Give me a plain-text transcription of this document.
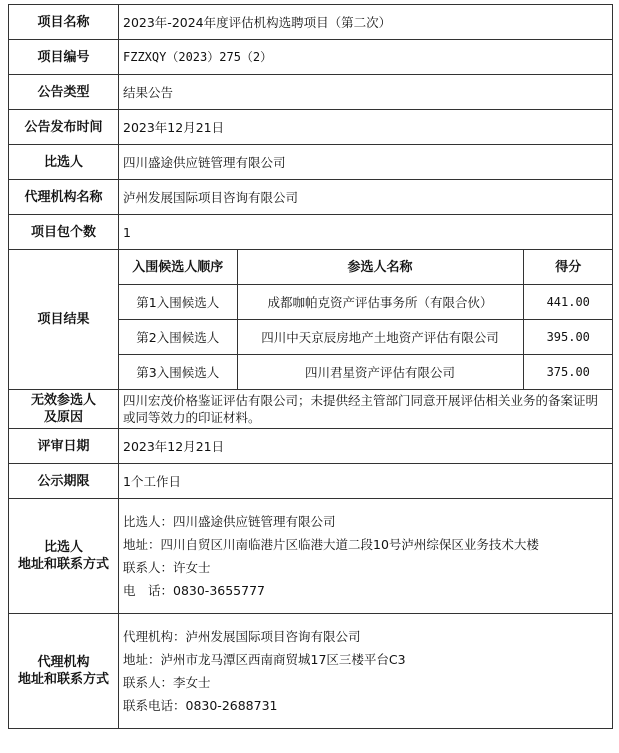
项目名称	2023年-2024年度评估机构选聘项目（第二次）
项目编号	FZZXQY（2023）275（2）
公告类型	结果公告
公告发布时间	2023年12月21日
比选人	四川盛途供应链管理有限公司
代理机构名称	泸州发展国际项目咨询有限公司
项目包个数	1
项目结果	
入围候选人顺序	参选人名称	得分
第1入围候选人	成都咖帕克资产评估事务所（有限合伙）	441.00
第2入围候选人	四川中天京辰房地产土地资产评估有限公司	395.00
第3入围候选人	四川君星资产评估有限公司	375.00

无效参选人
及原因
	四川宏茂价格鉴证评估有限公司；未提供经主管部门同意开展评估相关业务的备案证明或同等效力的印证材料。
评审日期	2023年12月21日
公示期限	1个工作日

比选人
地址和联系方式

比选人：四川盛途供应链管理有限公司
地址：四川自贸区川南临港片区临港大道二段10号泸州综保区业务技术大楼
联系人：许女士
电　话：0830-3655777

代理机构
地址和联系方式

代理机构：泸州发展国际项目咨询有限公司
地址：泸州市龙马潭区西南商贸城17区三楼平台C3
联系人：李女士
联系电话：0830-2688731
